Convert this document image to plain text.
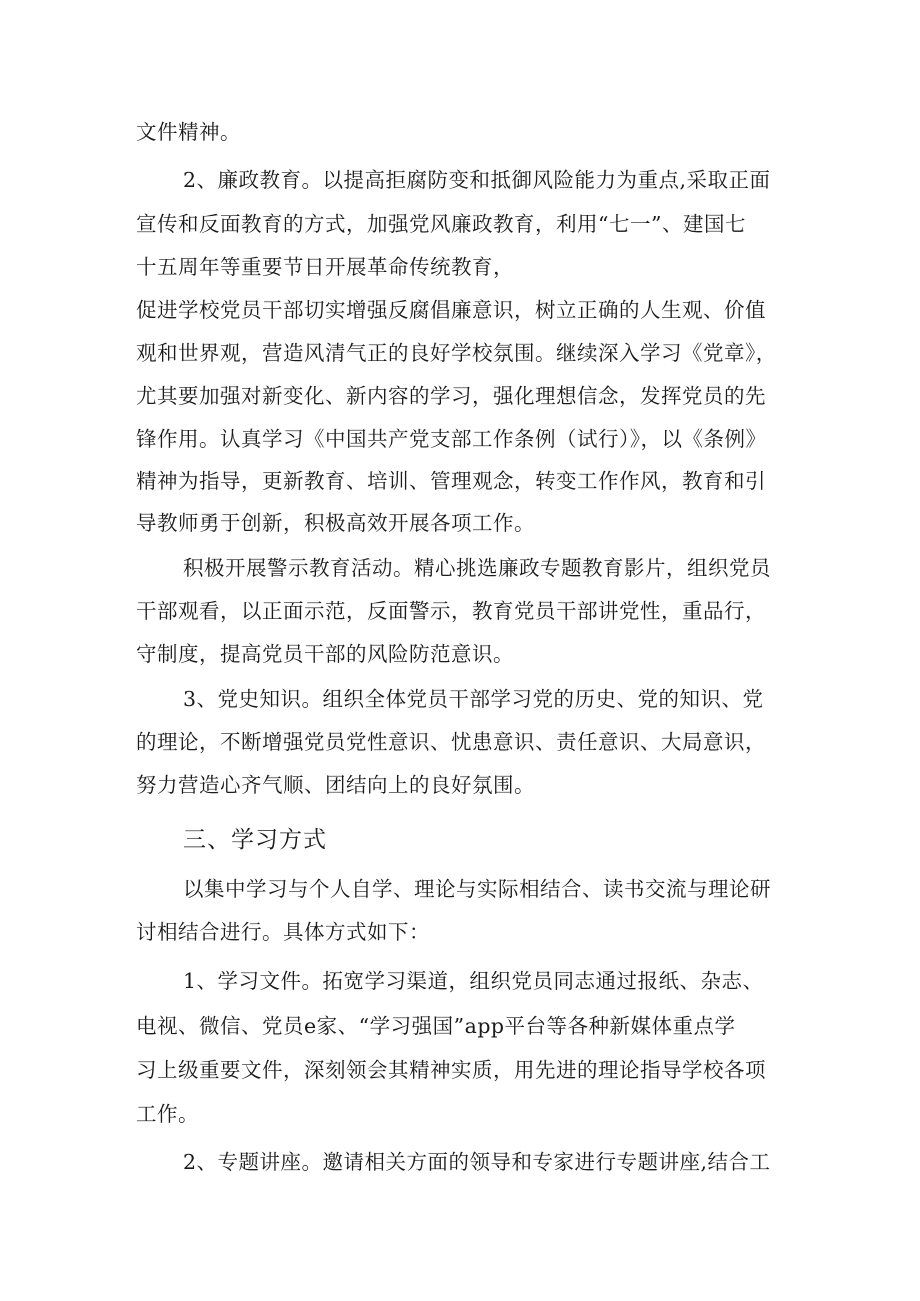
文件精神。
2、廉政教育。以提高拒腐防变和抵御风险能力为重点,采取正面
宣传和反面教育的方式，加强党风廉政教育，利用“七一”、建国七
十五周年等重要节日开展革命传统教育，
促进学校党员干部切实增强反腐倡廉意识，树立正确的人生观、价值
观和世界观，营造风清气正的良好学校氛围。继续深入学习《党章》，
尤其要加强对新变化、新内容的学习，强化理想信念，发挥党员的先
锋作用。认真学习《中国共产党支部工作条例（试行）》，以《条例》
精神为指导，更新教育、培训、管理观念，转变工作作风，教育和引
导教师勇于创新，积极高效开展各项工作。
积极开展警示教育活动。精心挑选廉政专题教育影片，组织党员
干部观看，以正面示范，反面警示，教育党员干部讲党性，重品行，
守制度，提高党员干部的风险防范意识。
3、党史知识。组织全体党员干部学习党的历史、党的知识、党
的理论，不断增强党员党性意识、忧患意识、责任意识、大局意识，
努力营造心齐气顺、团结向上的良好氛围。
三、学习方式
以集中学习与个人自学、理论与实际相结合、读书交流与理论研
讨相结合进行。具体方式如下：
1、学习文件。拓宽学习渠道，组织党员同志通过报纸、杂志、
电视、微信、党员e家、“学习强国”app平台等各种新媒体重点学
习上级重要文件，深刻领会其精神实质，用先进的理论指导学校各项
工作。
2、专题讲座。邀请相关方面的领导和专家进行专题讲座,结合工
